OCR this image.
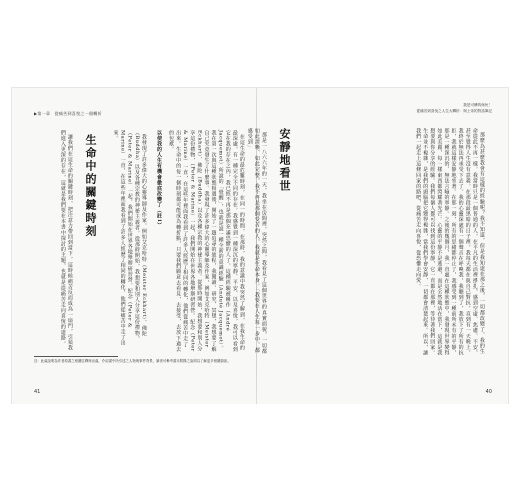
▶第一章　從痛苦到喜悅之一個轉折

在這生命的最危難時刻，在同一的時間，在那時，我的意識中我突然了解到，在我生命的最深處，有一種完全不同的存在。我感覺到一種深沉的寧靜、平安、以及喜悅，我可以看到它在我的存在之內，我已經不再是那個充滿恐懼的人了。這種經驗被稱作（André Jacquemot）所說的「覺醒」，也就是說一種全新的意識經驗（Anduté Jacquemot）。我在第一次與這種狀態相遇後，開始了一趟追尋的旅程，我閱讀、研究、冥想，我想要了解自己究竟發生了什麼事。我發現了許多偉大的心靈導師及作家，例如艾克哈特（Meister Eckhart）、佛陀（Buddha）以及各種宗教的神祕主義者。從那時開始，我想要和別人分享這份禮物，（Peter & Marine）一起，我們開始在世界各地舉辦研習營。紀念（Peter & Marine）一直，在這些年裡面我看到了許多人經歷了相同的轉化，他們從痛苦中走了出來。生命中的每一個時刻都可能成為轉折點，只要我們願意去看見，去接受，去放下過去的包袱。

以使我的人生有機會徹底改變了（註1）

我發現了許多偉大的心靈導師及作家，例如艾克哈特（Meister Eckhart）、佛陀（Buddha）以及各種宗教的神祕主義者。從那時開始，我想要和別人分享這份禮物，（Peter & Marine）一起，我們開始在世界各地舉辦研習營。紀念（Peter & Marine）一直，在這些年裡面我看到了許多人經歷了相同的轉化，他們從痛苦中走了出來。

生命中的關鍵時刻

讓我們在這生命的關鍵時刻，把注意力帶回到當下，這時候痛苦反而成為一扇門，引領我們進入更深的存在，這就是我們要在本書中探討的主題，也就是從痛苦走向喜悅的道路。

註：此處說明為作者原書之相關注釋與出處，介紹書中所引述之人物與事件背景，讀者可參考書末附錄之說明以了解更多相關資訊。
41
我是可憐的傢伙！
從痛苦到喜悅之人生大轉折：與上帝的對話筆記

那麼為甚麼我會有這樣的經驗呢？我不知道，但是我知道在那之後，一切都改變了，我的生命從此不再一樣。我當時只是一個普通的人，在平凡的生活裡掙扎，感到空虛、焦慮、不安，甚至覺得人生沒有意義。在那段最黑暗的日子裡，我每天都在與自己對抗，直到有一天晚上，我終於無法再承受下去了。我的心靈深處有一個聲音在呼喚我，我聽到了，我放下了所有的抗拒，我就這樣安靜地坐著。在那一刻，所有的思緒都停止了，我感受到一種前所未有的平靜，那是一種深沉的、無法言喻的寧靜。之後的幾個月，我一直處在這種狀態中，我發現世界變得如此美麗，每一樣東西都閃耀著光芒。心靈的平靜不是逃避，而是全然地活在當下，這就是我想要與你分享的經驗。我們每個人都可以找到這份寧靜，它一直都在那裡，等待著我們回家。生命並不複雜，是我們的頭腦把它變得複雜，當我們學會安靜，一切都會清楚起來。所以，讓我們一起走上這條回家的路吧，從痛苦走向喜悅，從恐懼走向愛。

安靜地看世

那是一八六六年的一天，我坐在房間裡，突然之間，我看見了這個世界的真實面貌，一切都如此清晰、如此完整，我不再是那個受苦的人，我就是生命本身。「我要在人生每一步中，都感受到」

40
